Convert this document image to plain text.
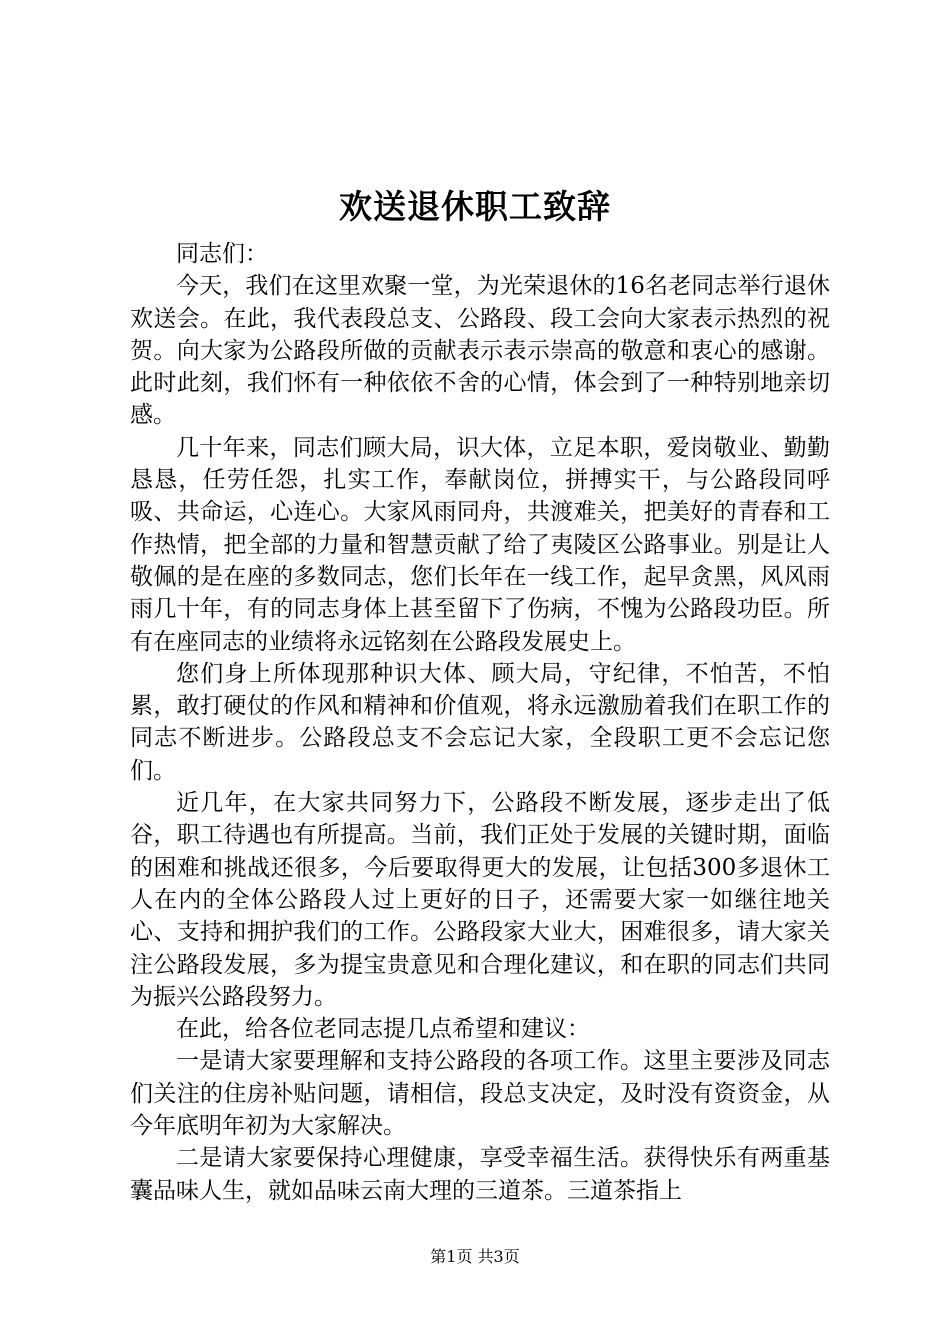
欢送退休职工致辞

同志们：

今天，我们在这里欢聚一堂，为光荣退休的16名老同志举行退休欢送会。在此，我代表段总支、公路段、段工会向大家表示热烈的祝贺。向大家为公路段所做的贡献表示表示崇高的敬意和衷心的感谢。此时此刻，我们怀有一种依依不舍的心情，体会到了一种特别地亲切感。

几十年来，同志们顾大局，识大体，立足本职，爱岗敬业、勤勤恳恳，任劳任怨，扎实工作，奉献岗位，拼搏实干，与公路段同呼吸、共命运，心连心。大家风雨同舟，共渡难关，把美好的青春和工作热情，把全部的力量和智慧贡献了给了夷陵区公路事业。别是让人敬佩的是在座的多数同志，您们长年在一线工作，起早贪黑，风风雨雨几十年，有的同志身体上甚至留下了伤病，不愧为公路段功臣。所有在座同志的业绩将永远铭刻在公路段发展史上。

您们身上所体现那种识大体、顾大局，守纪律，不怕苦，不怕累，敢打硬仗的作风和精神和价值观，将永远激励着我们在职工作的同志不断进步。公路段总支不会忘记大家，全段职工更不会忘记您们。

近几年，在大家共同努力下，公路段不断发展，逐步走出了低谷，职工待遇也有所提高。当前，我们正处于发展的关键时期，面临的困难和挑战还很多，今后要取得更大的发展，让包括300多退休工人在内的全体公路段人过上更好的日子，还需要大家一如继往地关心、支持和拥护我们的工作。公路段家大业大，困难很多，请大家关注公路段发展，多为提宝贵意见和合理化建议，和在职的同志们共同为振兴公路段努力。

在此，给各位老同志提几点希望和建议：

一是请大家要理解和支持公路段的各项工作。这里主要涉及同志们关注的住房补贴问题，请相信，段总支决定，及时没有资资金，从今年底明年初为大家解决。

二是请大家要保持心理健康，享受幸福生活。获得快乐有两重基囊品味人生，就如品味云南大理的三道茶。三道茶指上

第1页 共3页
